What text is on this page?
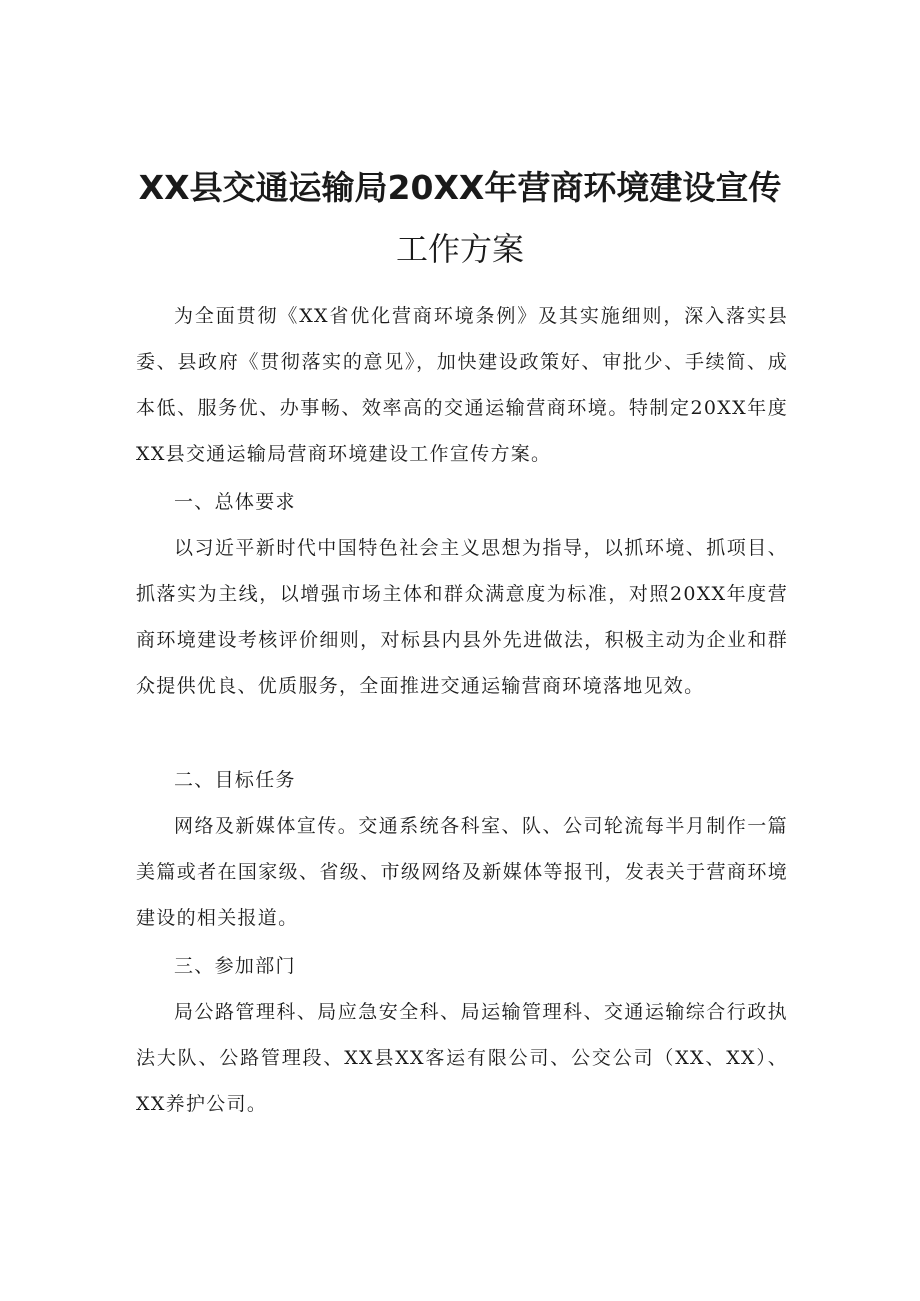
XX县交通运输局20XX年营商环境建设宣传
工作方案

为全面贯彻《XX省优化营商环境条例》及其实施细则，深入落实县委、县政府《贯彻落实的意见》，加快建设政策好、审批少、手续简、成本低、服务优、办事畅、效率高的交通运输营商环境。特制定20XX年度XX县交通运输局营商环境建设工作宣传方案。

一、总体要求

以习近平新时代中国特色社会主义思想为指导，以抓环境、抓项目、抓落实为主线，以增强市场主体和群众满意度为标准，对照20XX年度营商环境建设考核评价细则，对标县内县外先进做法，积极主动为企业和群众提供优良、优质服务，全面推进交通运输营商环境落地见效。

二、目标任务

网络及新媒体宣传。交通系统各科室、队、公司轮流每半月制作一篇美篇或者在国家级、省级、市级网络及新媒体等报刊，发表关于营商环境建设的相关报道。

三、参加部门

局公路管理科、局应急安全科、局运输管理科、交通运输综合行政执法大队、公路管理段、XX县XX客运有限公司、公交公司（XX、XX）、XX养护公司。
